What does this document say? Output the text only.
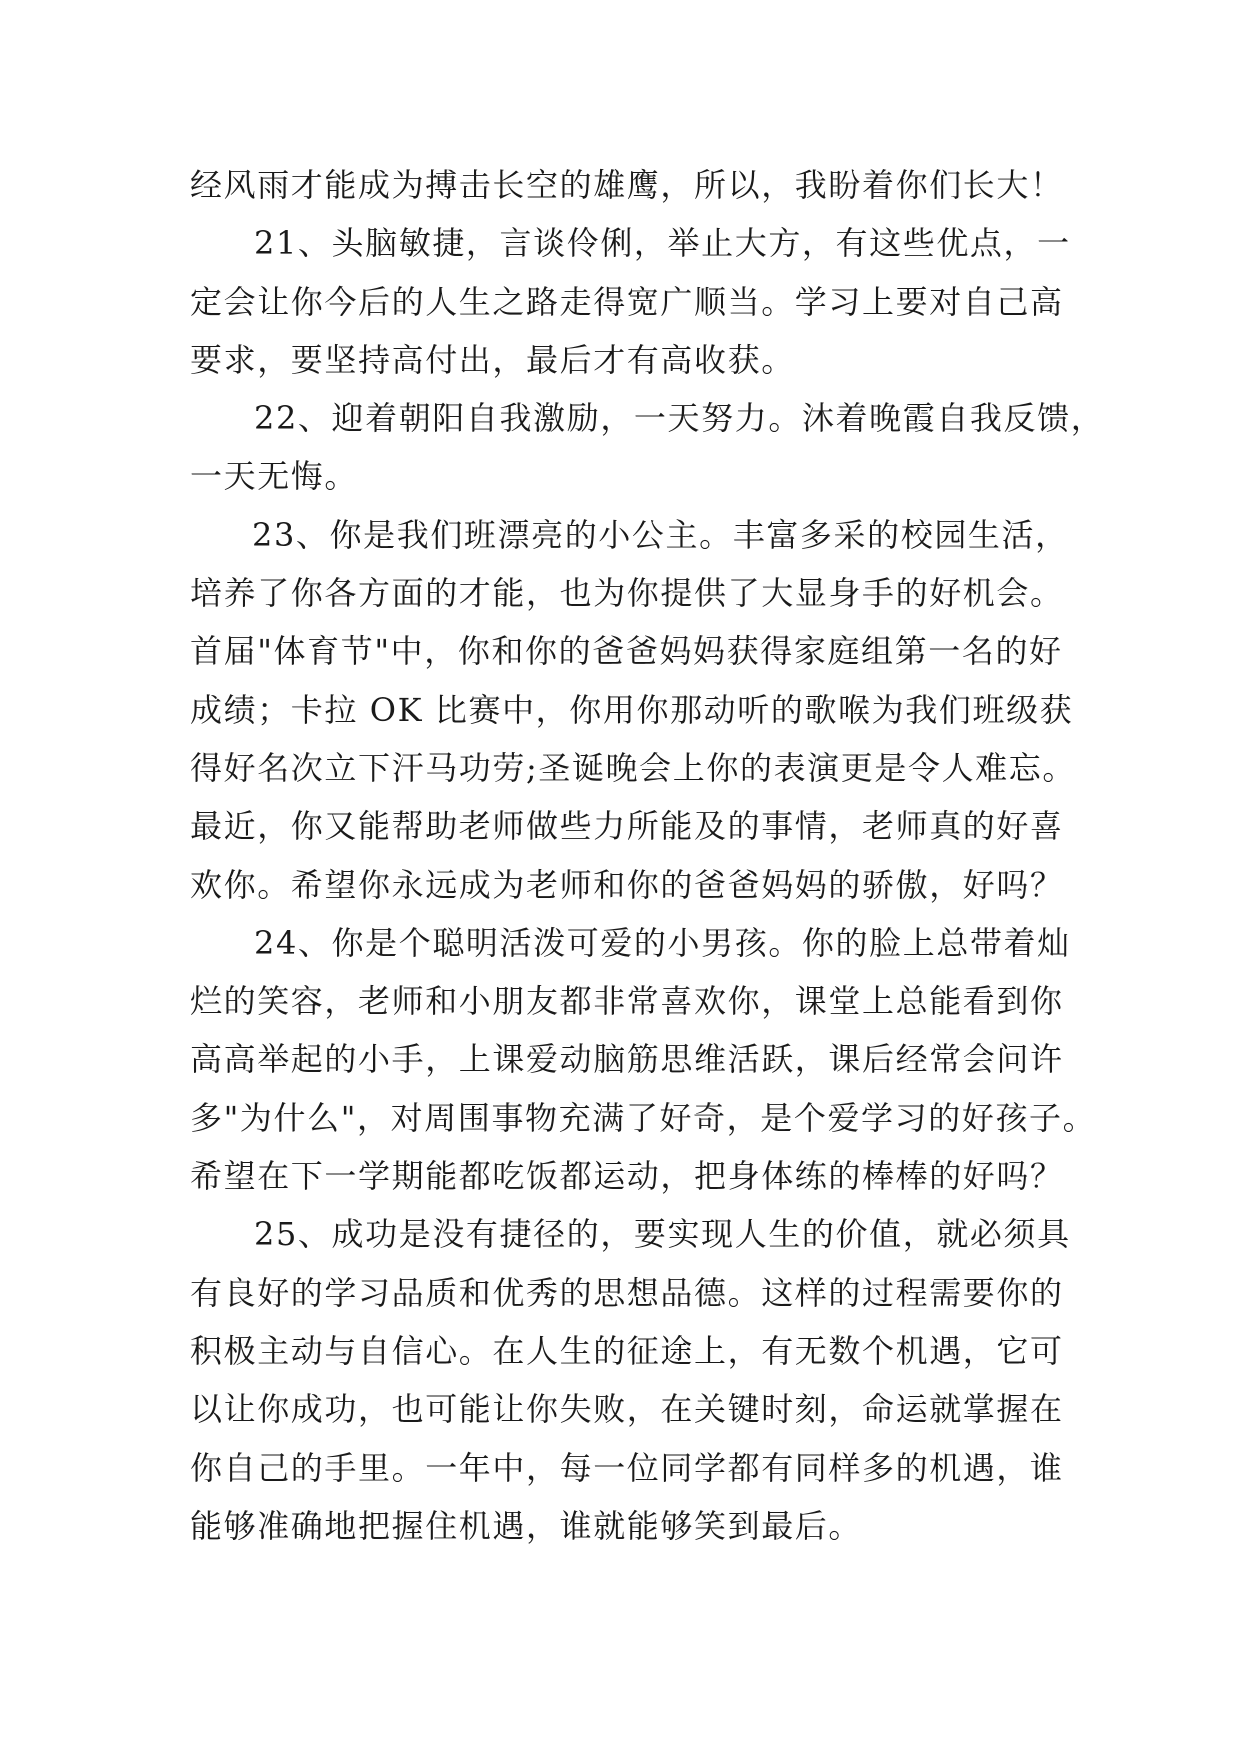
经风雨才能成为搏击长空的雄鹰，所以，我盼着你们长大！
21、头脑敏捷，言谈伶俐，举止大方，有这些优点，一
定会让你今后的人生之路走得宽广顺当。学习上要对自己高
要求，要坚持高付出，最后才有高收获。
22、迎着朝阳自我激励，一天努力。沐着晚霞自我反馈，
一天无悔。
23、你是我们班漂亮的小公主。丰富多采的校园生活，
培养了你各方面的才能，也为你提供了大显身手的好机会。
首届"体育节"中，你和你的爸爸妈妈获得家庭组第一名的好
成绩；卡拉 OK 比赛中，你用你那动听的歌喉为我们班级获
得好名次立下汗马功劳;圣诞晚会上你的表演更是令人难忘。
最近，你又能帮助老师做些力所能及的事情，老师真的好喜
欢你。希望你永远成为老师和你的爸爸妈妈的骄傲，好吗？
24、你是个聪明活泼可爱的小男孩。你的脸上总带着灿
烂的笑容，老师和小朋友都非常喜欢你，课堂上总能看到你
高高举起的小手，上课爱动脑筋思维活跃，课后经常会问许
多"为什么"，对周围事物充满了好奇，是个爱学习的好孩子。
希望在下一学期能都吃饭都运动，把身体练的棒棒的好吗？
25、成功是没有捷径的，要实现人生的价值，就必须具
有良好的学习品质和优秀的思想品德。这样的过程需要你的
积极主动与自信心。在人生的征途上，有无数个机遇，它可
以让你成功，也可能让你失败，在关键时刻，命运就掌握在
你自己的手里。一年中，每一位同学都有同样多的机遇，谁
能够准确地把握住机遇，谁就能够笑到最后。
